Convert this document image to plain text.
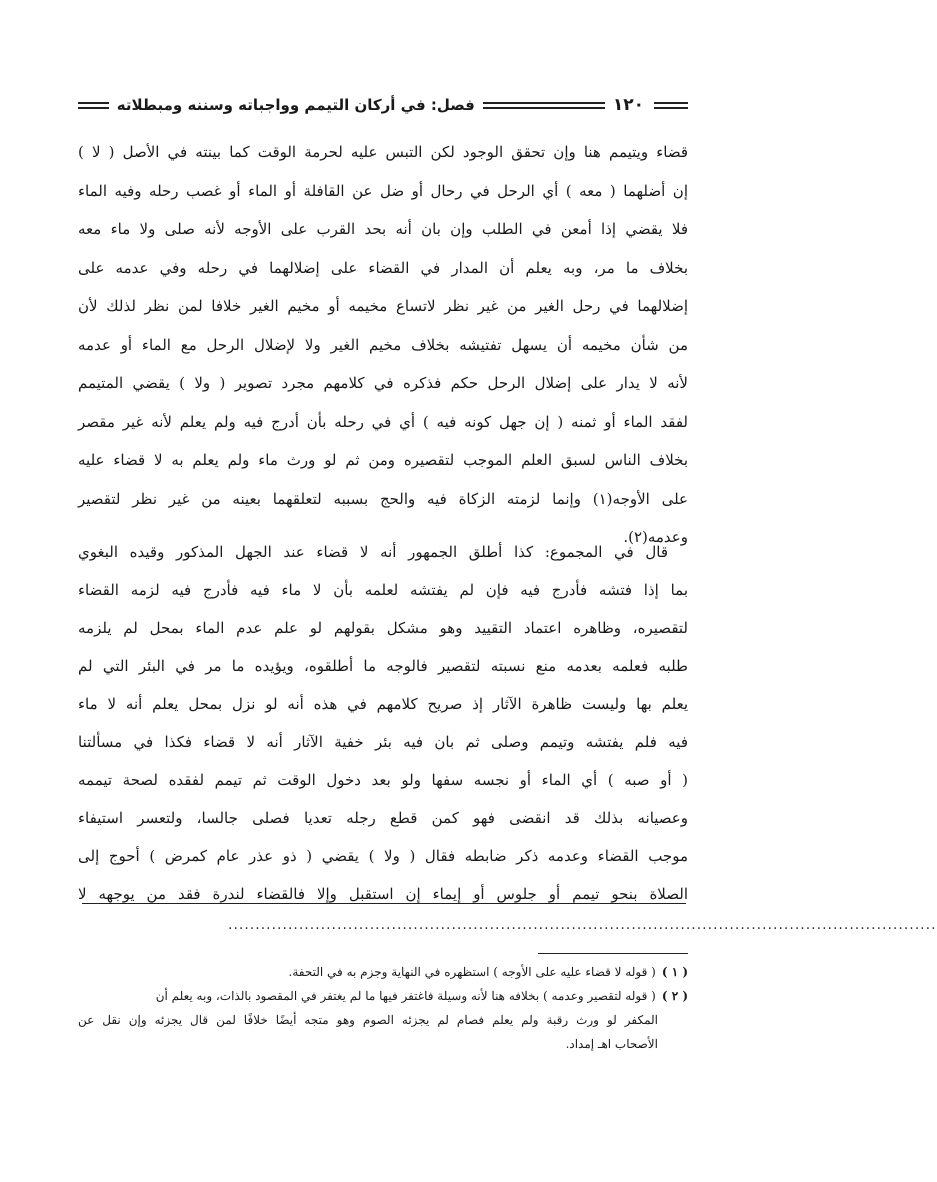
١٢٠
فصل: في أركان التيمم وواجباته وسننه ومبطلاته
قضاء ويتيمم هنا وإن تحقق الوجود لكن التبس عليه لحرمة الوقت كما بينته في الأصل ( لا )
إن أضلهما ( معه ) أي الرحل في رحال أو ضل عن القافلة أو الماء أو غصب رحله وفيه الماء
فلا يقضي إذا أمعن في الطلب وإن بان أنه بحد القرب على الأوجه لأنه صلى ولا ماء معه
بخلاف ما مر، وبه يعلم أن المدار في القضاء على إضلالهما في رحله وفي عدمه على
إضلالهما في رحل الغير من غير نظر لاتساع مخيمه أو مخيم الغير خلافا لمن نظر لذلك لأن
من شأن مخيمه أن يسهل تفتيشه بخلاف مخيم الغير ولا لإضلال الرحل مع الماء أو عدمه
لأنه لا يدار على إضلال الرحل حكم فذكره في كلامهم مجرد تصوير ( ولا ) يقضي المتيمم
لفقد الماء أو ثمنه ( إن جهل كونه فيه ) أي في رحله بأن أدرج فيه ولم يعلم لأنه غير مقصر
بخلاف الناس لسبق العلم الموجب لتقصيره ومن ثم لو ورث ماء ولم يعلم به لا قضاء عليه
على الأوجه(١) وإنما لزمته الزكاة فيه والحج بسببه لتعلقهما بعينه من غير نظر لتقصير
وعدمه(٢).
قال في المجموع: كذا أطلق الجمهور أنه لا قضاء عند الجهل المذكور وقيده البغوي
بما إذا فتشه فأدرج فيه فإن لم يفتشه لعلمه بأن لا ماء فيه فأدرج فيه لزمه القضاء
لتقصيره، وظاهره اعتماد التقييد وهو مشكل بقولهم لو علم عدم الماء بمحل لم يلزمه
طلبه فعلمه بعدمه منع نسبته لتقصير فالوجه ما أطلقوه، ويؤيده ما مر في البئر التي لم
يعلم بها وليست ظاهرة الآثار إذ صريح كلامهم في هذه أنه لو نزل بمحل يعلم أنه لا ماء
فيه فلم يفتشه وتيمم وصلى ثم بان فيه بئر خفية الآثار أنه لا قضاء فكذا في مسألتنا
( أو صبه ) أي الماء أو نجسه سفها ولو بعد دخول الوقت ثم تيمم لفقده لصحة تيممه
وعصيانه بذلك قد انقضى فهو كمن قطع رجله تعديا فصلى جالسا، ولتعسر استيفاء
موجب القضاء وعدمه ذكر ضابطه فقال ( ولا ) يقضي ( ذو عذر عام كمرض ) أحوج إلى
الصلاة بنحو تيمم أو جلوس أو إيماء إن استقبل وإلا فالقضاء لندرة فقد من يوجهه لا
..................................................................................................................................
( ١ )( قوله لا قضاء عليه على الأوجه ) استظهره في النهاية وجزم به في التحفة.
( ٢ )( قوله لتقصير وعدمه ) بخلافه هنا لأنه وسيلة فاغتفر فيها ما لم يغتفر في المقصود بالذات، وبه يعلم أن
المكفر لو ورث رقبة ولم يعلم فصام لم يجزئه الصوم وهو متجه أيضًا خلافًا لمن قال يجزئه وإن نقل عن
الأصحاب اهـ إمداد.
